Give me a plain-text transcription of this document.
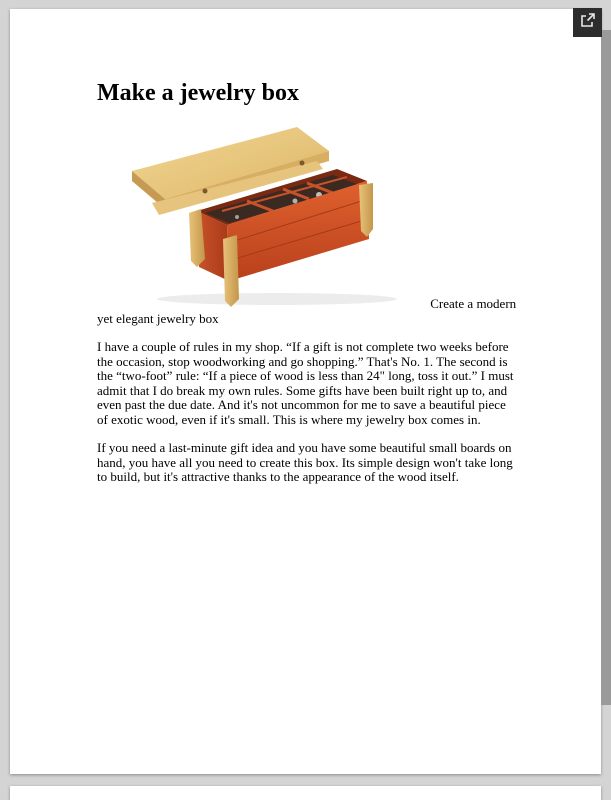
Make a jewelry box
Create a modern yet elegant jewelry box

I have a couple of rules in my shop. “If a gift is not complete two weeks before the occasion, stop woodworking and go shopping.” That's No. 1. The second is the “two-foot” rule: “If a piece of wood is less than 24" long, toss it out.” I must admit that I do break my own rules. Some gifts have been built right up to, and even past the due date. And it's not uncommon for me to save a beautiful piece of exotic wood, even if it's small. This is where my jewelry box comes in.

If you need a last-minute gift idea and you have some beautiful small boards on hand, you have all you need to create this box. Its simple design won't take long to build, but it's attractive thanks to the appearance of the wood itself.
